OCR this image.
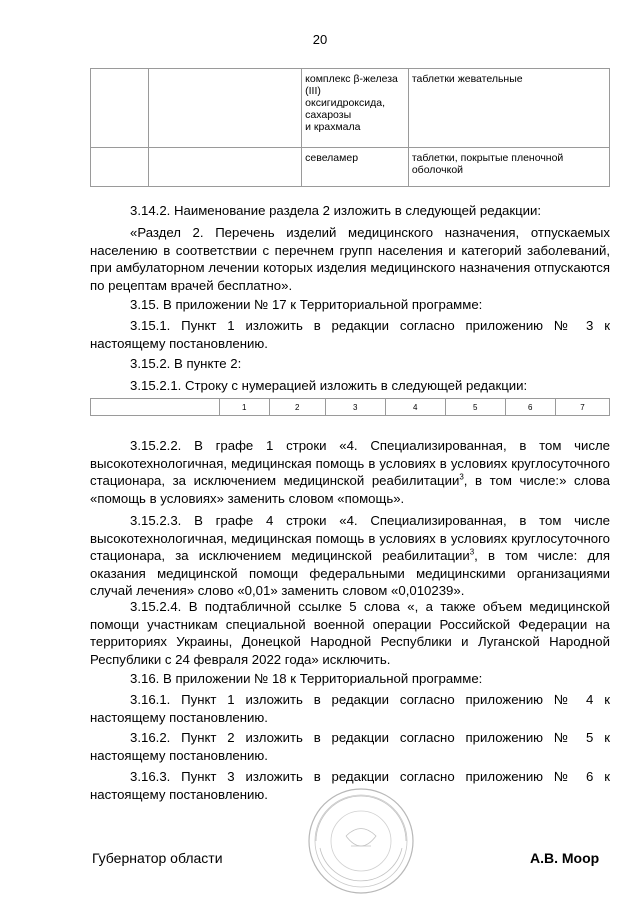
20

		комплекс β-железа
(III)
оксигидроксида,
сахарозы
и крахмала	таблетки жевательные

		севеламер	таблетки, покрытые пленочной оболочкой

3.14.2. Наименование раздела 2 изложить в следующей редакции:

«Раздел 2. Перечень изделий медицинского назначения, отпускаемых населению в соответствии с перечнем групп населения и категорий заболеваний, при амбулаторном лечении которых изделия медицинского назначения отпускаются по рецептам врачей бесплатно».

3.15. В приложении № 17 к Территориальной программе:

3.15.1. Пункт 1 изложить в редакции согласно приложению № 3 к настоящему постановлению.

3.15.2. В пункте 2:

3.15.2.1. Строку с нумерацией изложить в следующей редакции:

	1	2	3	4	5	6	7

3.15.2.2. В графе 1 строки «4. Специализированная, в том числе высокотехнологичная, медицинская помощь в условиях в условиях круглосуточного стационара, за исключением медицинской реабилитации$^3$, в том числе:» слова «помощь в условиях» заменить словом «помощь».

3.15.2.3. В графе 4 строки «4. Специализированная, в том числе высокотехнологичная, медицинская помощь в условиях в условиях круглосуточного стационара, за исключением медицинской реабилитации$^3$, в том числе: для оказания медицинской помощи федеральными медицинскими организациями случай лечения» слово «0,01» заменить словом «0,010239».

3.15.2.4. В подтабличной ссылке 5 слова «, а также объем медицинской помощи участникам специальной военной операции Российской Федерации на территориях Украины, Донецкой Народной Республики и Луганской Народной Республики с 24 февраля 2022 года» исключить.

3.16. В приложении № 18 к Территориальной программе:

3.16.1. Пункт 1 изложить в редакции согласно приложению № 4 к настоящему постановлению.

3.16.2. Пункт 2 изложить в редакции согласно приложению № 5 к настоящему постановлению.

3.16.3. Пункт 3 изложить в редакции согласно приложению № 6 к настоящему постановлению.

Губернатор области	А.В. Моор
